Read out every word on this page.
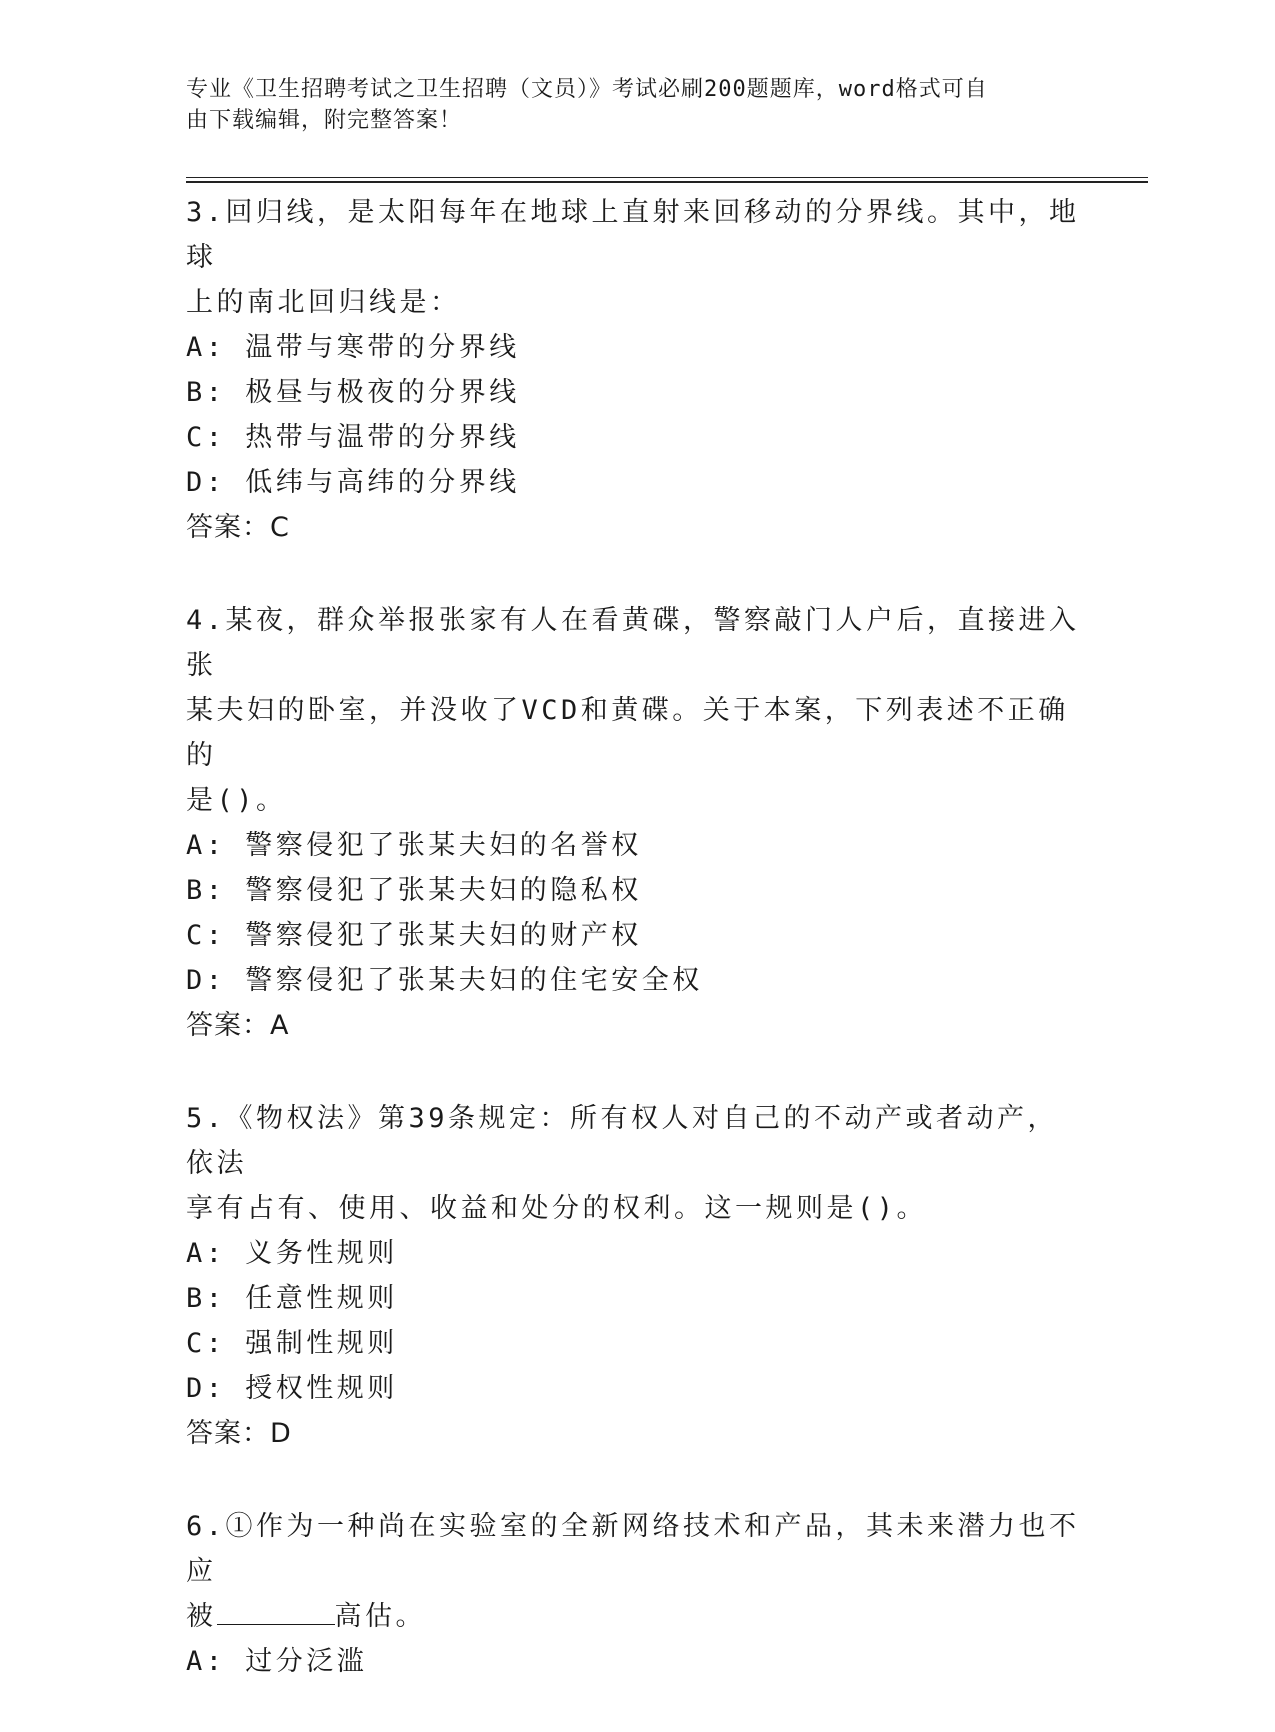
专业《卫生招聘考试之卫生招聘（文员）》考试必刷200题题库，word格式可自
由下载编辑，附完整答案！

3.回归线，是太阳每年在地球上直射来回移动的分界线。其中，地球

上的南北回归线是：

A: 温带与寒带的分界线

B: 极昼与极夜的分界线

C: 热带与温带的分界线

D: 低纬与高纬的分界线

答案：C

4.某夜，群众举报张家有人在看黄碟，警察敲门人户后，直接进入张

某夫妇的卧室，并没收了VCD和黄碟。关于本案，下列表述不正确的

是()。

A: 警察侵犯了张某夫妇的名誉权

B: 警察侵犯了张某夫妇的隐私权

C: 警察侵犯了张某夫妇的财产权

D: 警察侵犯了张某夫妇的住宅安全权

答案：A

5.《物权法》第39条规定：所有权人对自己的不动产或者动产，依法

享有占有、使用、收益和处分的权利。这一规则是()。

A: 义务性规则

B: 任意性规则

C: 强制性规则

D: 授权性规则

答案：D

6.①作为一种尚在实验室的全新网络技术和产品，其未来潜力也不应

被	高估。

A: 过分泛滥
